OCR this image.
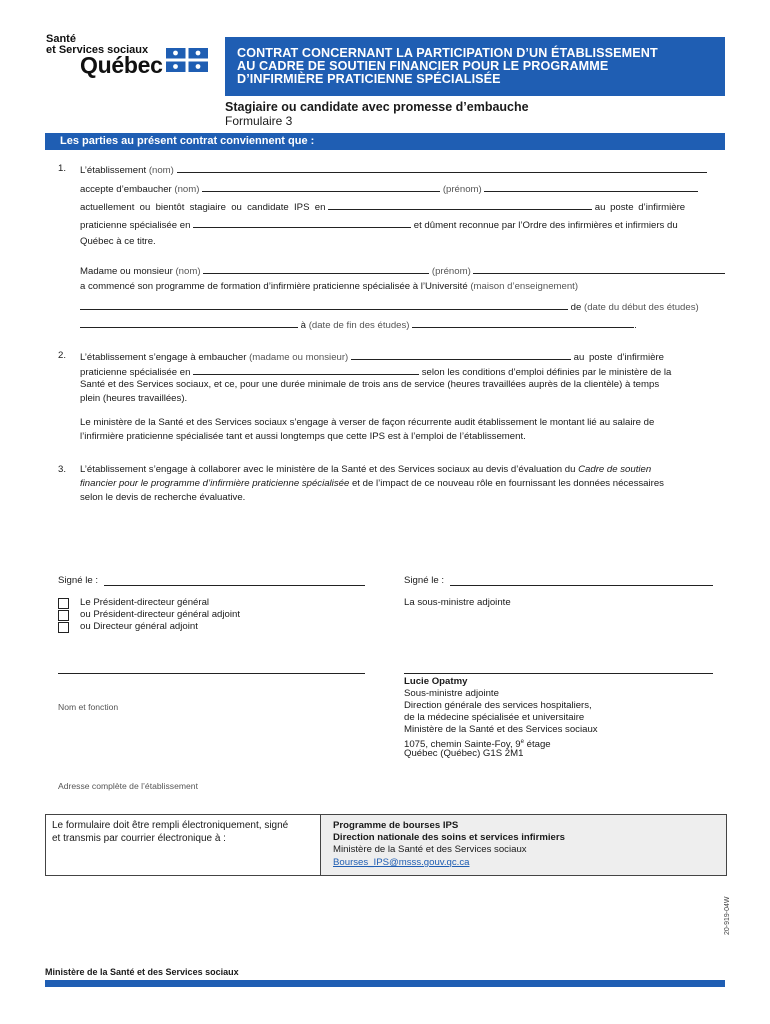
Santé
et Services sociaux
Québec	CONTRAT CONCERNANT LA PARTICIPATION D’UN ÉTABLISSEMENT
AU CADRE DE SOUTIEN FINANCIER POUR LE PROGRAMME
D’INFIRMIÈRE PRATICIENNE SPÉCIALISÉE
Stagiaire ou candidate avec promesse d’embauche
Formulaire 3
Les parties au présent contrat conviennent que :
1. L’établissement (nom)
accepte d’embaucher (nom)	(prénom)
actuellement ou bientôt stagiaire ou candidate IPS en	au poste d’infirmière
praticienne spécialisée en	et dûment reconnue par l’Ordre des infirmières et infirmiers du
Québec à ce titre.
Madame ou monsieur (nom)	(prénom)
a commencé son programme de formation d’infirmière praticienne spécialisée à l’Université (maison d’enseignement)
de (date du début des études)
à (date de fin des études)	.
2. L’établissement s’engage à embaucher (madame ou monsieur)	au poste d’infirmière
praticienne spécialisée en	selon les conditions d’emploi définies par le ministère de la
Santé et des Services sociaux, et ce, pour une durée minimale de trois ans de service (heures travaillées auprès de la clientèle) à temps
plein (heures travaillées).
Le ministère de la Santé et des Services sociaux s’engage à verser de façon récurrente audit établissement le montant lié au salaire de
l’infirmière praticienne spécialisée tant et aussi longtemps que cette IPS est à l’emploi de l’établissement.
3. L’établissement s’engage à collaborer avec le ministère de la Santé et des Services sociaux au devis d’évaluation du Cadre de soutien
financier pour le programme d’infirmière praticienne spécialisée et de l’impact de ce nouveau rôle en fournissant les données nécessaires
selon le devis de recherche évaluative.
Signé le :
Le Président-directeur général
ou Président-directeur général adjoint
ou Directeur général adjoint
Nom et fonction
Adresse complète de l’établissement
Signé le :
La sous-ministre adjointe
Lucie Opatmy
Sous-ministre adjointe
Direction générale des services hospitaliers,
de la médecine spécialisée et universitaire
Ministère de la Santé et des Services sociaux
1075, chemin Sainte-Foy, 9e étage
Québec (Québec) G1S 2M1
Le formulaire doit être rempli électroniquement, signé
et transmis par courrier électronique à :
Programme de bourses IPS
Direction nationale des soins et services infirmiers
Ministère de la Santé et des Services sociaux
Bourses_IPS@msss.gouv.qc.ca
20-919-04W
Ministère de la Santé et des Services sociaux
